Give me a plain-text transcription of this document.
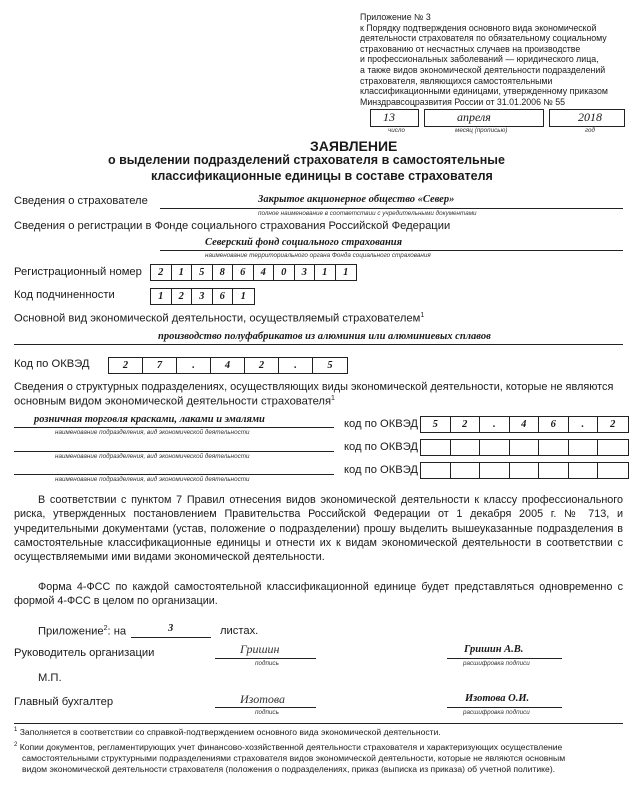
Приложение № 3
к Порядку подтверждения основного вида экономической
деятельности страхователя по обязательному социальному
страхованию от несчастных случаев на производстве
и профессиональных заболеваний — юридического лица,
а также видов экономической деятельности подразделений
страхователя, являющихся самостоятельными
классификационными единицами, утвержденному приказом
Минздравсоцразвития России от 31.01.2006 № 55
13
число
апреля
месяц (прописью)
2018
год
ЗАЯВЛЕНИЕ
о выделении подразделений страхователя в самостоятельные
классификационные единицы в составе страхователя
Сведения о страхователе	Закрытое акционерное общество «Север»
полное наименование в соответствии с учредительными документами
Сведения о регистрации в Фонде социального страхования Российской Федерации
Северский фонд социального страхования
наименование территориального органа Фонда социального страхования
Регистрационный номер	2	1	5	8	6	4	0	3	1	1
Код подчиненности	1	2	3	6	1
Основной вид экономической деятельности, осуществляемый страхователем$^1$
производство полуфабрикатов из алюминия или алюминиевых сплавов
Код по ОКВЭД	2	7	.	4	2	.	5
Сведения о структурных подразделениях, осуществляющих виды экономической деятельности, которые не являются
основным видом экономической деятельности страхователя$^1$
розничная торговля красками, лаками и эмалями
наименование подразделения, вид экономической деятельности
код по ОКВЭД	5	2	.	4	6	.	2
наименование подразделения, вид экономической деятельности
код по ОКВЭД
наименование подразделения, вид экономической деятельности
код по ОКВЭД
В соответствии с пунктом 7 Правил отнесения видов экономической деятельности к классу профессионального риска, утвержденных постановлением Правительства Российской Федерации от 1 декабря 2005 г. № 713, и учредительными документами (устав, положение о подразделении) прошу выделить вышеуказанные подразделения в самостоятельные классификационные единицы и отнести их к видам экономической деятельности в соответствии с осуществляемыми ими видами экономической деятельности.
Форма 4-ФСС по каждой самостоятельной классификационной единице будет представляться одновременно с формой 4-ФСС в целом по организации.
Приложение$^2$: на	3	листах.
Руководитель организации	Гришин
подпись
Гришин А.В.
расшифровка подписи
М.П.
Главный бухгалтер	Изотова
подпись
Изотова О.И.
расшифровка подписи
$^1$ Заполняется в соответствии со справкой-подтверждением основного вида экономической деятельности.
$^2$ Копии документов, регламентирующих учет финансово-хозяйственной деятельности страхователя и характеризующих осуществление
самостоятельными структурными подразделениями страхователя видов экономической деятельности, которые не являются основным
видом экономической деятельности страхователя (положения о подразделениях, приказ (выписка из приказа) об учетной политике).
